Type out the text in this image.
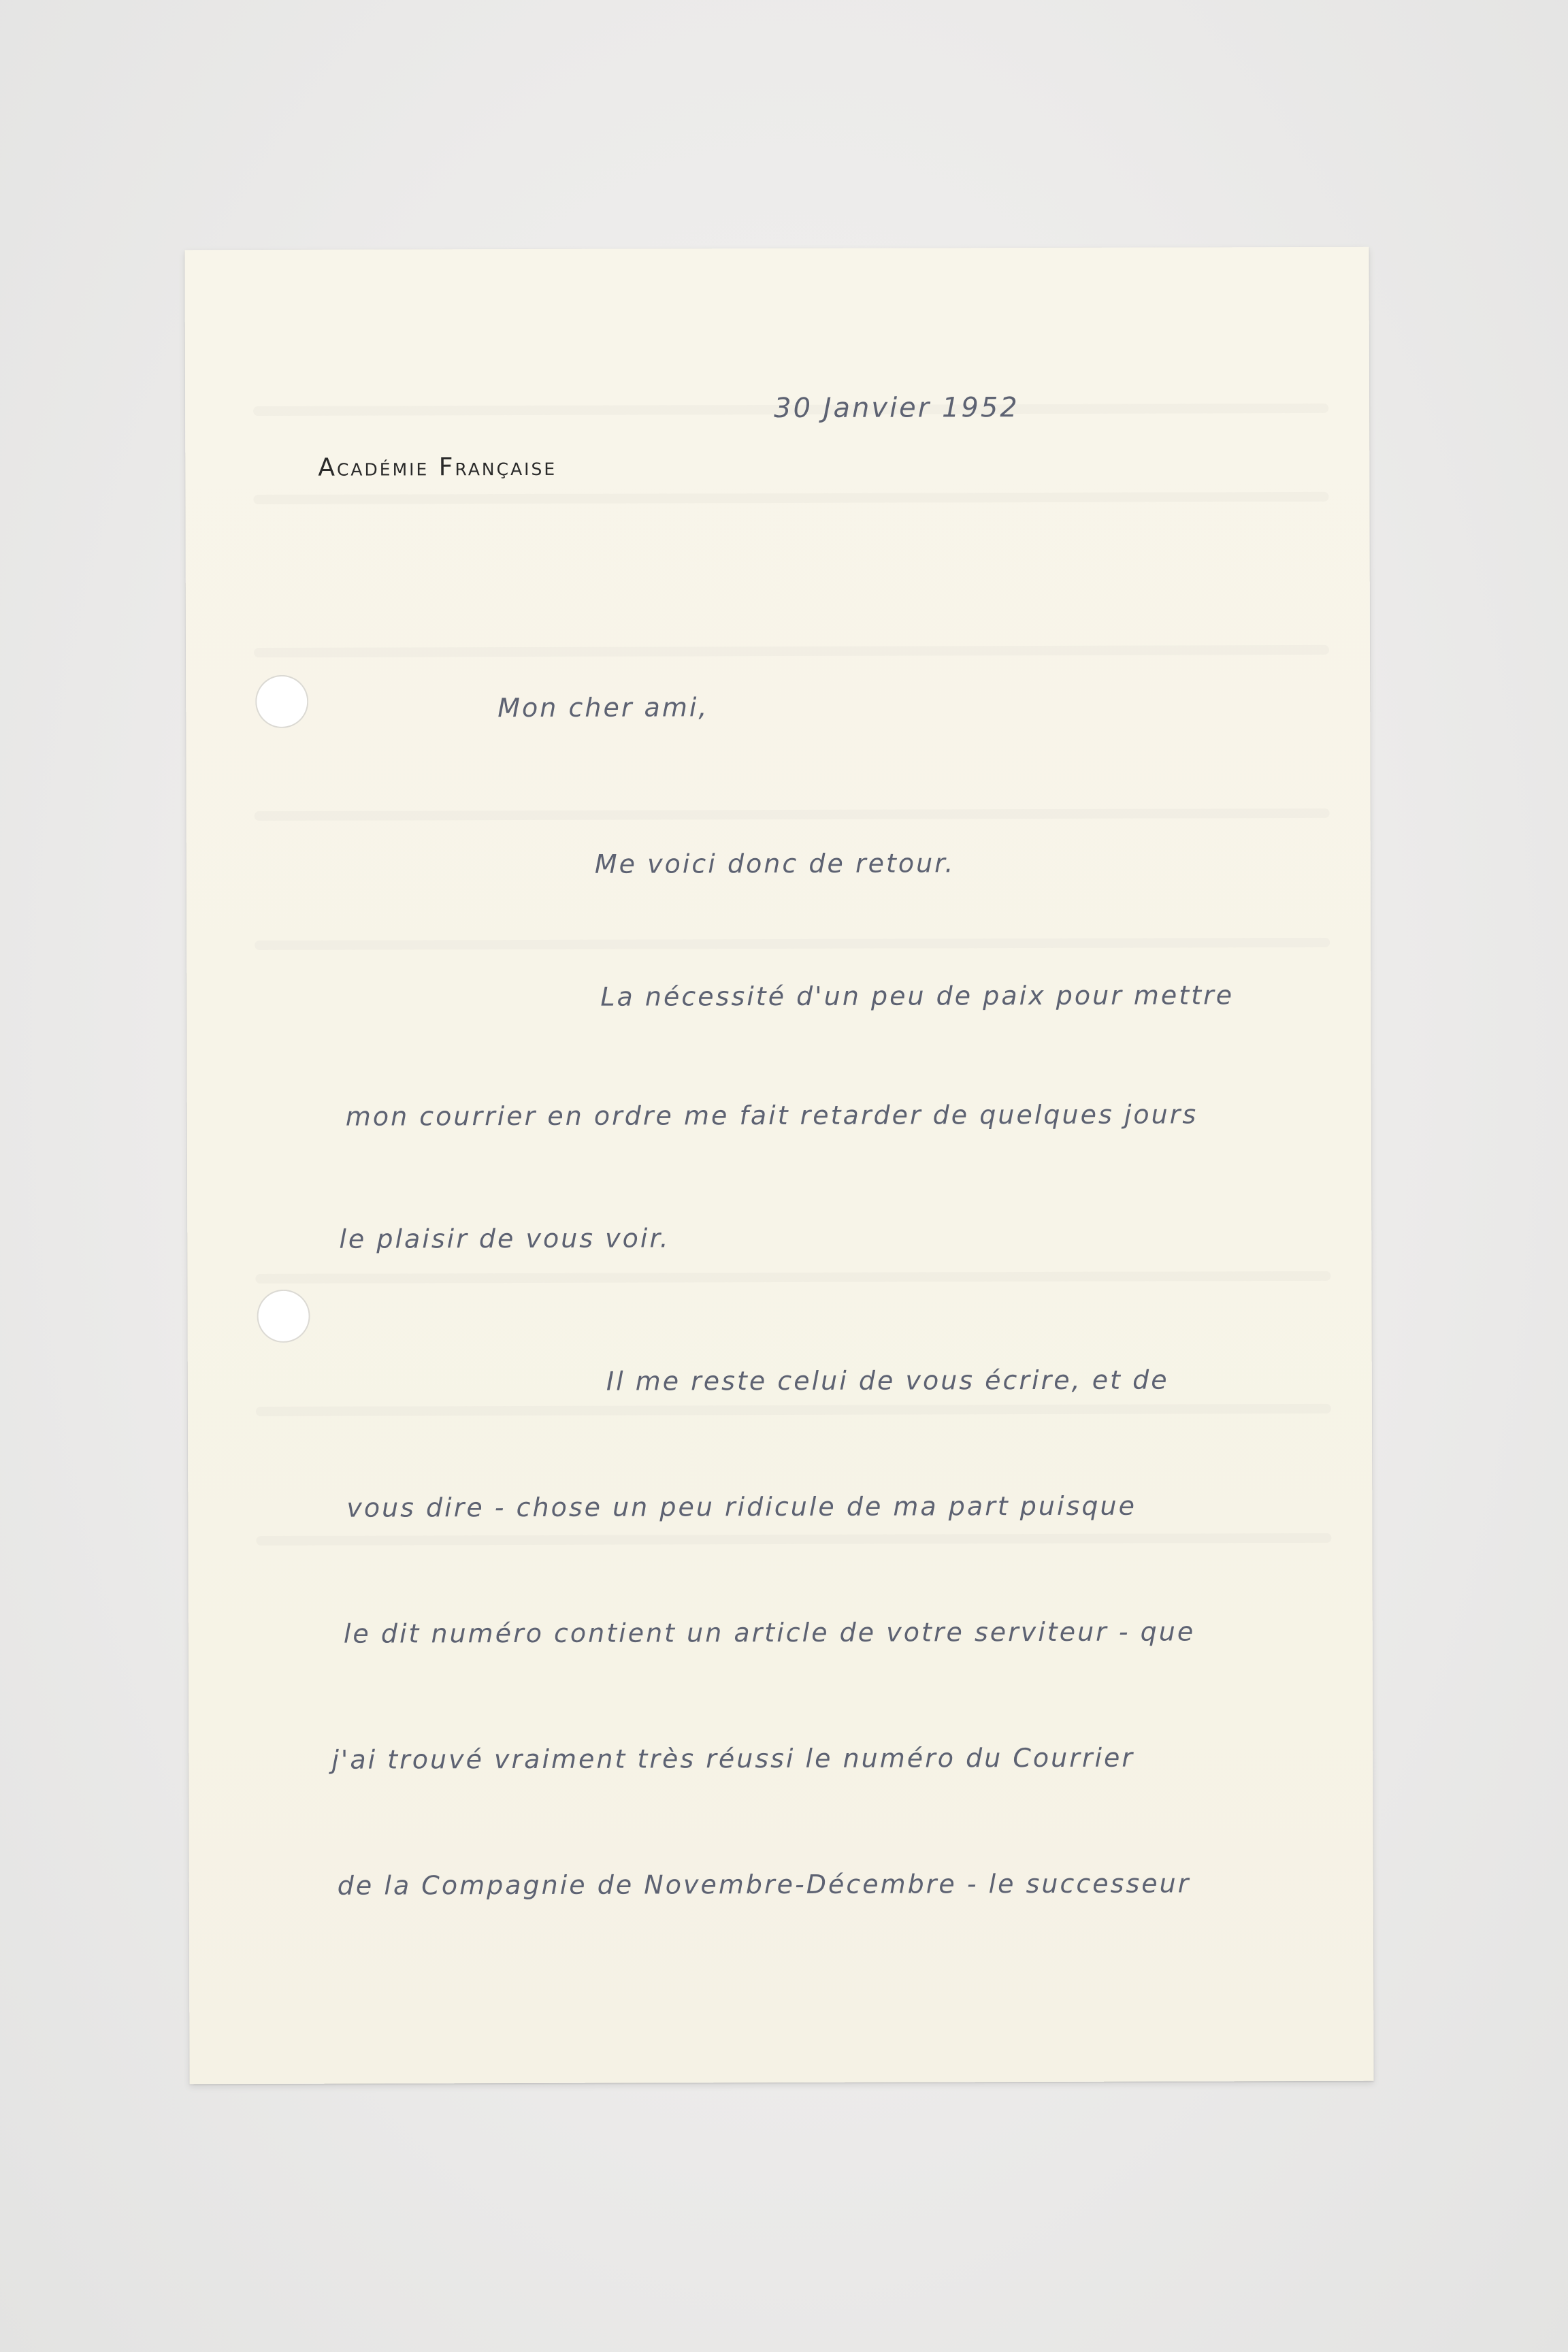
Académie Française
30 Janvier 1952
Mon cher ami,
Me voici donc de retour.
La nécessité d'un peu de paix pour mettre
mon courrier en ordre me fait retarder de quelques jours
le plaisir de vous voir.
Il me reste celui de vous écrire, et de
vous dire - chose un peu ridicule de ma part puisque
le dit numéro contient un article de votre serviteur - que
j'ai trouvé vraiment très réussi le numéro du Courrier
de la Compagnie de Novembre-Décembre - le successeur
